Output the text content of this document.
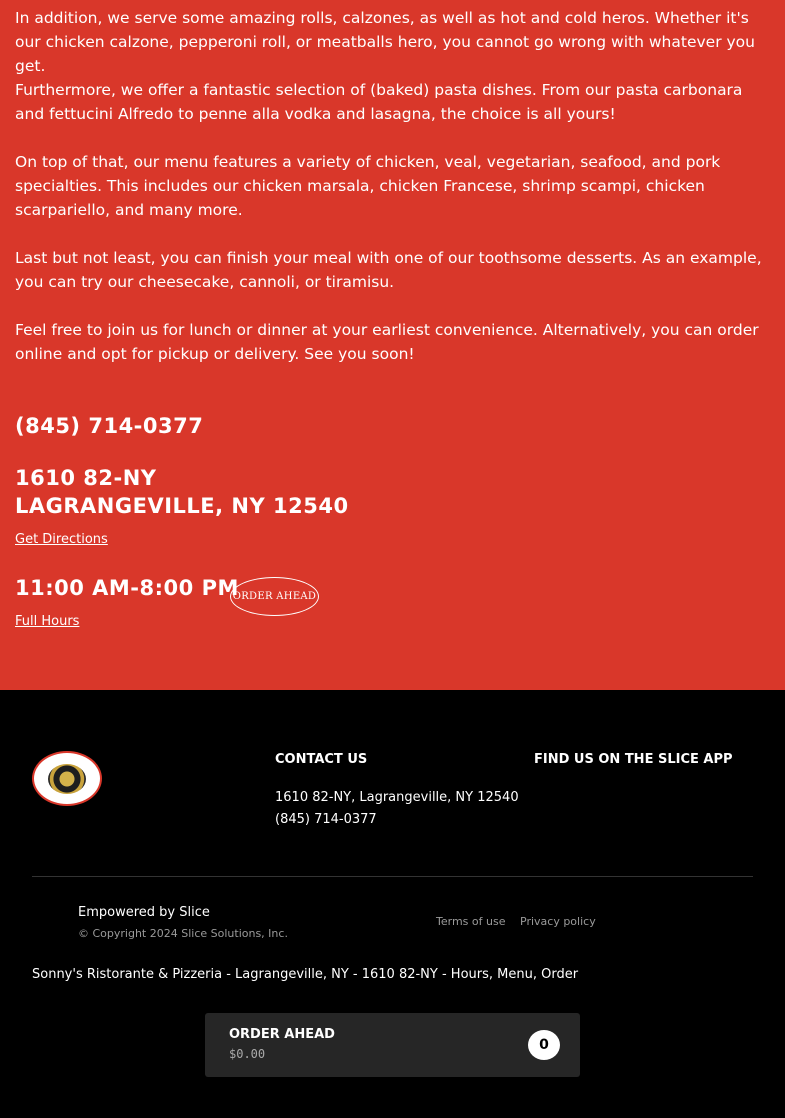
In addition, we serve some amazing rolls, calzones, as well as hot and cold heros. Whether it's our chicken calzone, pepperoni roll, or meatballs hero, you cannot go wrong with whatever you get.

Furthermore, we offer a fantastic selection of (baked) pasta dishes. From our pasta carbonara and fettucini Alfredo to penne alla vodka and lasagna, the choice is all yours!

On top of that, our menu features a variety of chicken, veal, vegetarian, seafood, and pork specialties. This includes our chicken marsala, chicken Francese, shrimp scampi, chicken scarpariello, and many more.

Last but not least, you can finish your meal with one of our toothsome desserts. As an example, you can try our cheesecake, cannoli, or tiramisu.

Feel free to join us for lunch or dinner at your earliest convenience. Alternatively, you can order online and opt for pickup or delivery. See you soon!

(845) 714-0377
1610 82-NY
LAGRANGEVILLE, NY 12540
Get Directions
11:00 AM-8:00 PM
ORDER AHEAD
Full Hours
CONTACT US
1610 82-NY, Lagrangeville, NY 12540
(845) 714-0377
FIND US ON THE SLICE APP
Empowered by Slice
© Copyright 2024 Slice Solutions, Inc.
Terms of use Privacy policy
Sonny's Ristorante & Pizzeria - Lagrangeville, NY - 1610 82-NY - Hours, Menu, Order
ORDER AHEAD
$0.00
0
